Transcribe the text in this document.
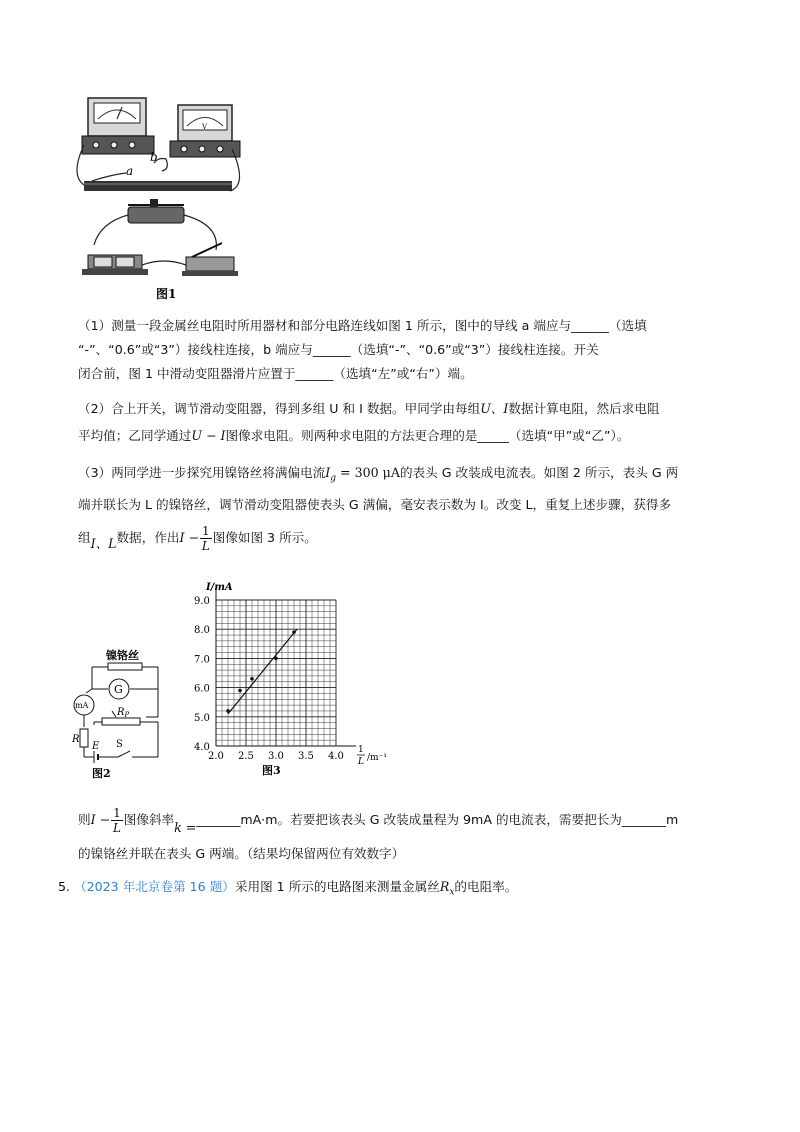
V
a
b
图1
（1）测量一段金属丝电阻时所用器材和部分电路连线如图 1 所示，图中的导线 a 端应与______（选填
“-”、“0.6”或“3”）接线柱连接，b 端应与______（选填“-”、“0.6”或“3”）接线柱连接。开关
闭合前，图 1 中滑动变阻器滑片应置于______（选填“左”或“右”）端。
（2）合上开关，调节滑动变阻器，得到多组 U 和 I 数据。甲同学由每组U、I数据计算电阻，然后求电阻
平均值；乙同学通过U − I图像求电阻。则两种求电阻的方法更合理的是_____（选填“甲”或“乙”）。
（3）两同学进一步探究用镍铬丝将满偏电流$I_g = 300$ μA的表头 G 改装成电流表。如图 2 所示，表头 G 两
端并联长为 L 的镍铬丝，调节滑动变阻器使表头 G 满偏，毫安表示数为 I。改变 L，重复上述步骤，获得多
组I、L数据，作出$I - \frac{1}{L}$ 图像如图 3 所示。
镍铬丝
G
mA
$R_P$
R
E S
图2
2.0 2.5 3.0 3.5 4.0
4.0
5.0
6.0
7.0
8.0
9.0
I/mA
1
L /m⁻¹
图3
则$I - \frac{1}{L}$ 图像斜率k =_______mA·m。若要把该表头 G 改装成量程为 9mA 的电流表，需要把长为_______m
的镍铬丝并联在表头 G 两端。（结果均保留两位有效数字）
5. （2023 年北京卷第 16 题）采用图 1 所示的电路图来测量金属丝$R_x$的电阻率。
